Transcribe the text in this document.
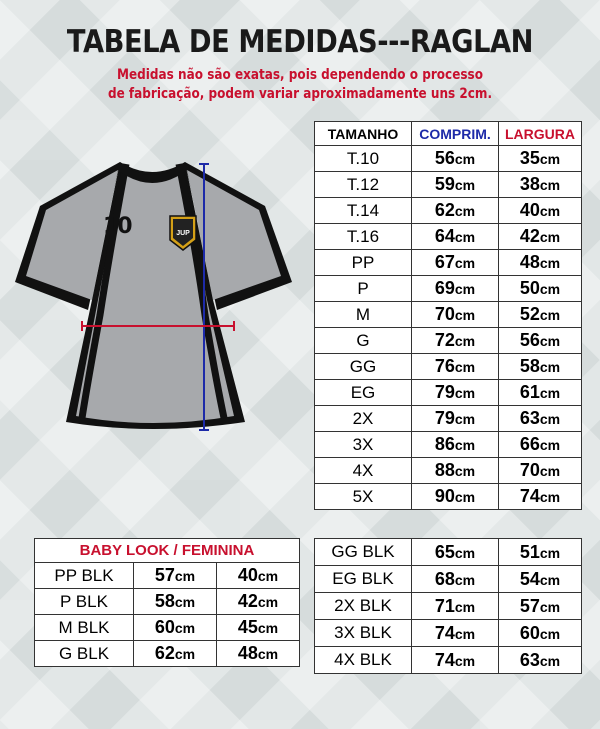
TABELA DE MEDIDAS---RAGLAN
Medidas não são exatas, pois dependendo o processo
de fabricação, podem variar aproximadamente uns 2cm.
JUP
10
TAMANHO	COMPRIM.	LARGURA
T.10	56cm	35cm
T.12	59cm	38cm
T.14	62cm	40cm
T.16	64cm	42cm
PP	67cm	48cm
P	69cm	50cm
M	70cm	52cm
G	72cm	56cm
GG	76cm	58cm
EG	79cm	61cm
2X	79cm	63cm
3X	86cm	66cm
4X	88cm	70cm
5X	90cm	74cm
BABY LOOK / FEMININA		
PP BLK	57cm	40cm
P BLK	58cm	42cm
M BLK	60cm	45cm
G BLK	62cm	48cm
GG BLK	65cm	51cm
EG BLK	68cm	54cm
2X BLK	71cm	57cm
3X BLK	74cm	60cm
4X BLK	74cm	63cm
